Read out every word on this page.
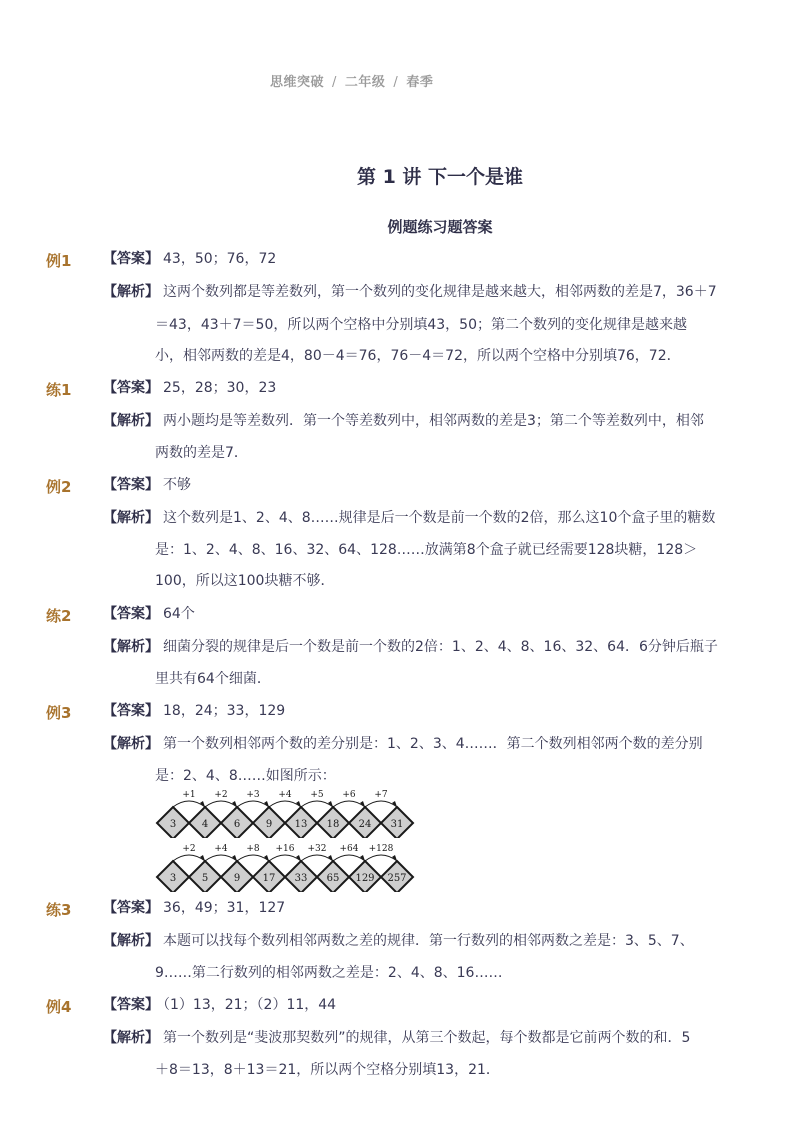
思维突破 / 二年级 / 春季
第 1 讲 下一个是谁
例题练习题答案
例1 【答案】 43，50；76，72
【解析】 这两个数列都是等差数列，第一个数列的变化规律是越来越大，相邻两数的差是7，36＋7
＝43，43＋7＝50，所以两个空格中分别填43，50；第二个数列的变化规律是越来越
小，相邻两数的差是4，80－4＝76，76－4＝72，所以两个空格中分别填76，72．
练1 【答案】 25，28；30，23
【解析】 两小题均是等差数列．第一个等差数列中，相邻两数的差是3；第二个等差数列中，相邻
两数的差是7．
例2 【答案】 不够
【解析】 这个数列是1、2、4、8……规律是后一个数是前一个数的2倍，那么这10个盒子里的糖数
是：1、2、4、8、16、32、64、128……放满第8个盒子就已经需要128块糖，128＞
100，所以这100块糖不够．
练2 【答案】 64个
【解析】 细菌分裂的规律是后一个数是前一个数的2倍：1、2、4、8、16、32、64．6分钟后瓶子
里共有64个细菌．
例3 【答案】 18，24；33，129
【解析】 第一个数列相邻两个数的差分别是：1、2、3、4……．第二个数列相邻两个数的差分别
是：2、4、8……如图所示：
3	4	6	9 13 18 24 31
+1 +2 +3 +4 +5 +6 +7
3	5	9 17 33 65 129 257
+2 +4 +8 +16 +32 +64 +128
练3 【答案】 36，49；31，127
【解析】 本题可以找每个数列相邻两数之差的规律．第一行数列的相邻两数之差是：3、5、7、
9……第二行数列的相邻两数之差是：2、4、8、16……
例4 【答案】 （1）13，21；（2）11，44
【解析】 第一个数列是“斐波那契数列”的规律，从第三个数起，每个数都是它前两个数的和．5
＋8＝13，8＋13＝21，所以两个空格分别填13，21．
